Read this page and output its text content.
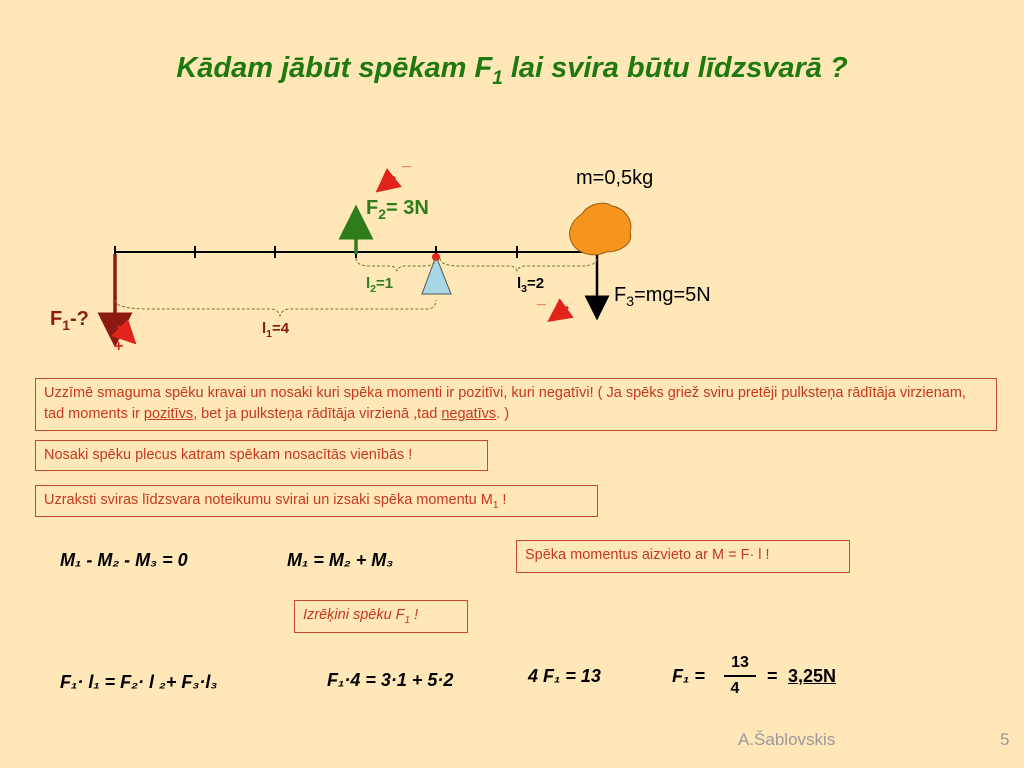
Kādam jābūt spēkam $F_1$ lai svira būtu līdzsvarā ?
m=0,5kg
$F_2= 3N$
$F_1-$?
$F_3=mg=5N$
$l_1=4$
$l_2=1$	$l_3=2$
+
_
_
Uzzīmē smaguma spēku kravai un nosaki kuri spēka momenti ir pozitīvi, kuri negatīvi! ( Ja spēks griež sviru pretēji pulksteņa rādītāja virzienam, tad moments ir pozitīvs, bet ja pulksteņa rādītāja virzienā ,tad negatīvs. )
Nosaki spēku plecus katram spēkam nosacītās vienībās !
Uzraksti sviras līdzsvara noteikumu svirai un izsaki spēka momentu $M_1$ !
Spēka momentus aizvieto ar M = F· l !
Izrēķini spēku $F_1$ !
M₁ - M₂ - M₃ = 0	M₁ = M₂ + M₃
F₁· l₁ = F₂· l ₂+ F₃·l₃	F₁·4 = 3·1 + 5·2	4 F₁ = 13	F₁ =
13
4
= 3,25N
A.Šablovskis	5
